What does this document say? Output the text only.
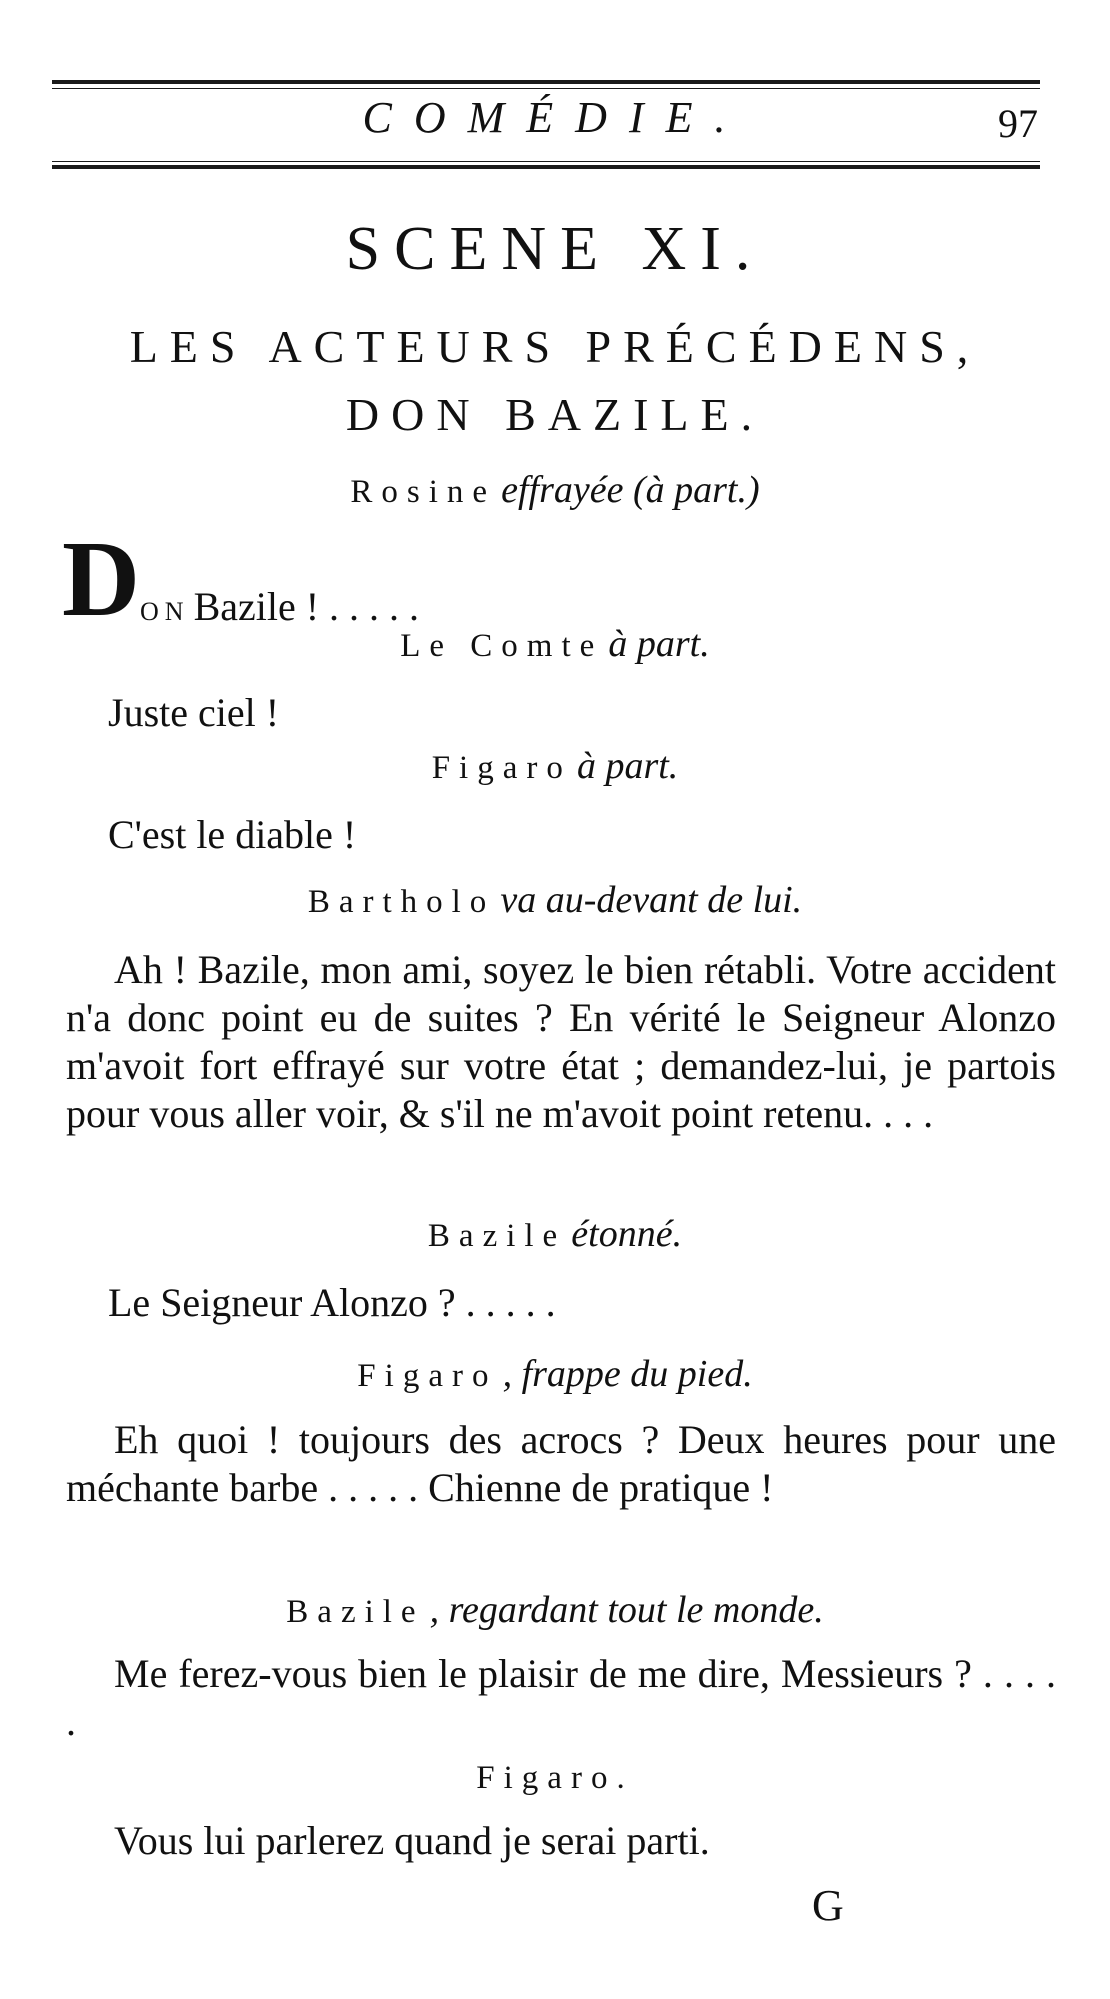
COMÉDIE.	97
SCENE XI.
LES ACTEURS PRÉCÉDENS,
DON BAZILE.
Rosine effrayée (à part.)
DON Bazile ! . . . . .
Le Comte à part.
Juste ciel !
Figaro à part.
C'est le diable !
Bartholo va au-devant de lui.
Ah ! Bazile, mon ami, soyez le bien rétabli. Votre accident n'a donc point eu de suites ? En vérité le Seigneur Alonzo m'avoit fort effrayé sur votre état ; demandez-lui, je partois pour vous aller voir, & s'il ne m'avoit point retenu. . . .
Bazile étonné.
Le Seigneur Alonzo ? . . . . .
Figaro , frappe du pied.
Eh quoi ! toujours des acrocs ? Deux heures pour une méchante barbe . . . . . Chienne de pratique !
Bazile , regardant tout le monde.
Me ferez-vous bien le plaisir de me dire, Messieurs ? . . . . .
Figaro.
Vous lui parlerez quand je serai parti.
G
